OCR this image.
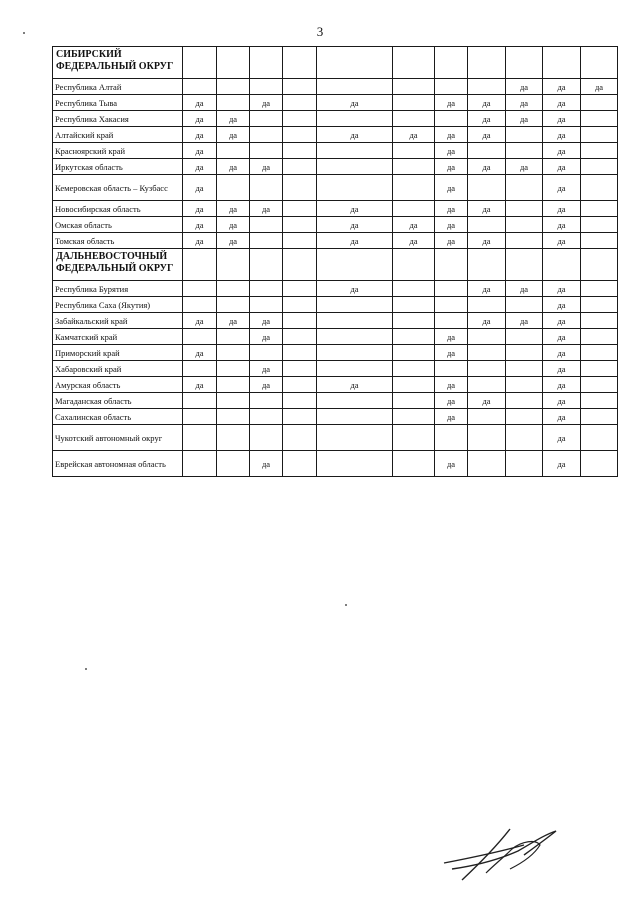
3
СИБИРСКИЙ ФЕДЕРАЛЬНЫЙ ОКРУГ											
Республика Алтай									да	да	да
Республика Тыва	да		да		да		да	да	да	да	
Республика Хакасия	да	да						да	да	да	
Алтайский край	да	да			да	да	да	да		да	
Красноярский край	да						да			да	
Иркутская область	да	да	да				да	да	да	да	
Кемеровская область – Кузбасс	да						да			да	
Новосибирская область	да	да	да		да		да	да		да	
Омская область	да	да			да	да	да			да	
Томская область	да	да			да	да	да	да		да	
ДАЛЬНЕВОСТОЧНЫЙ ФЕДЕРАЛЬНЫЙ ОКРУГ											
Республика Бурятия					да			да	да	да	
Республика Саха (Якутия)										да	
Забайкальский край	да	да	да					да	да	да	
Камчатский край			да				да			да	
Приморский край	да						да			да	
Хабаровский край			да							да	
Амурская область	да		да		да		да			да	
Магаданская область							да	да		да	
Сахалинская область							да			да	
Чукотский автономный округ										да	
Еврейская автономная область			да				да			да	
